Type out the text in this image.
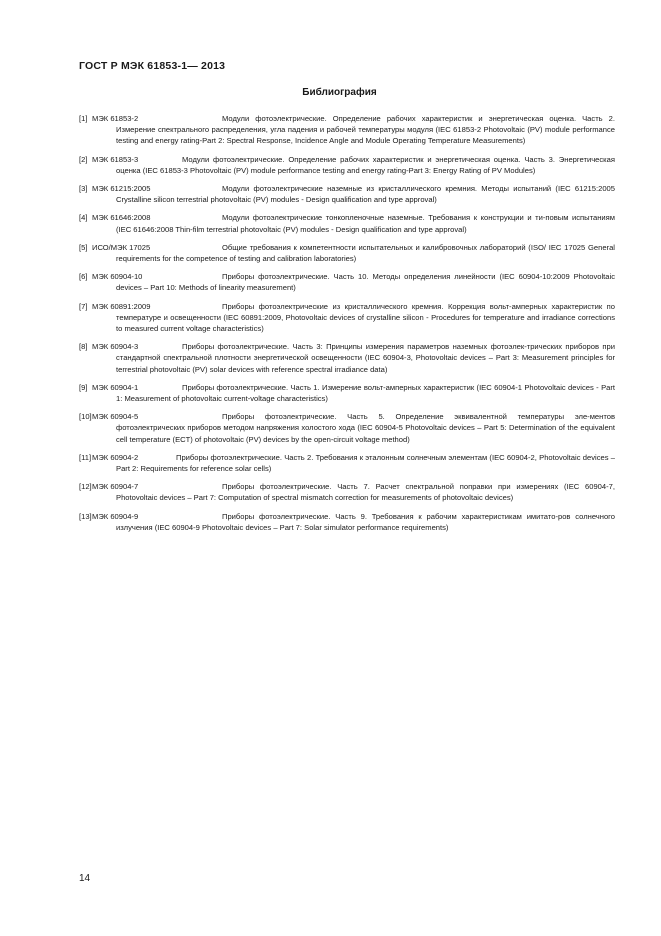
ГОСТ Р МЭК 61853-1— 2013
Библиография
[1] МЭК 61853-2	Модули фотоэлектрические. Определение рабочих характеристик и энергетическая оценка. Часть 2. Измерение спектрального распределения, угла падения и рабочей температуры модуля (IEC 61853-2 Photovoltaic (PV) module performance testing and energy rating-Part 2: Spectral Response, Incidence Angle and Module Operating Temperature Measurements)
[2] МЭК 61853-3	Модули фотоэлектрические. Определение рабочих характеристик и энергетическая оценка. Часть 3. Энергетическая оценка (IEC 61853-3 Photovoltaic (PV) module performance testing and energy rating-Part 3: Energy Rating of PV Modules)
[3] МЭК 61215:2005	Модули фотоэлектрические наземные из кристаллического кремния. Методы испытаний (IEC 61215:2005 Crystalline silicon terrestrial photovoltaic (PV) modules - Design qualification and type approval)
[4] МЭК 61646:2008	Модули фотоэлектрические тонкопленочные наземные. Требования к конструкции и ти-повым испытаниям (IEC 61646:2008 Thin-film terrestrial photovoltaic (PV) modules - Design qualification and type approval)
[5] ИСО/МЭК 17025	Общие требования к компетентности испытательных и калибровочных лабораторий (ISO/ IEC 17025 General requirements for the competence of testing and calibration laboratories)
[6] МЭК 60904-10	Приборы фотоэлектрические. Часть 10. Методы определения линейности (IEC 60904-10:2009 Photovoltaic devices – Part 10: Methods of linearity measurement)
[7] МЭК 60891:2009	Приборы фотоэлектрические из кристаллического кремния. Коррекция вольт-амперных характеристик по температуре и освещенности (IEC 60891:2009, Photovoltaic devices of crystalline silicon - Procedures for temperature and irradiance corrections to measured current voltage characteristics)
[8] МЭК 60904-3	Приборы фотоэлектрические. Часть 3: Принципы измерения параметров наземных фотоэлек-трических приборов при стандартной спектральной плотности энергетической освещенности (IEC 60904-3, Photovoltaic devices – Part 3: Measurement principles for terrestrial photovoltaic (PV) solar devices with reference spectral irradiance data)
[9] МЭК 60904-1	Приборы фотоэлектрические. Часть 1. Измерение вольт-амперных характеристик (IEC 60904-1 Photovoltaic devices - Part 1: Measurement of photovoltaic current-voltage characteristics)
[10] МЭК 60904-5	Приборы фотоэлектрические. Часть 5. Определение эквивалентной температуры эле-ментов фотоэлектрических приборов методом напряжения холостого хода (IEC 60904-5 Photovoltaic devices – Part 5: Determination of the equivalent cell temperature (ECT) of photovoltaic (PV) devices by the open-circuit voltage method)
[11] МЭК 60904-2	Приборы фотоэлектрические. Часть 2. Требования к эталонным солнечным элементам (IEC 60904-2, Photovoltaic devices – Part 2: Requirements for reference solar cells)
[12] МЭК 60904-7	Приборы фотоэлектрические. Часть 7. Расчет спектральной поправки при измерениях (IEC 60904-7, Photovoltaic devices – Part 7: Computation of spectral mismatch correction for measurements of photovoltaic devices)
[13] МЭК 60904-9	Приборы фотоэлектрические. Часть 9. Требования к рабочим характеристикам имитато-ров солнечного излучения (IEC 60904-9 Photovoltaic devices – Part 7: Solar simulator performance requirements)
14
